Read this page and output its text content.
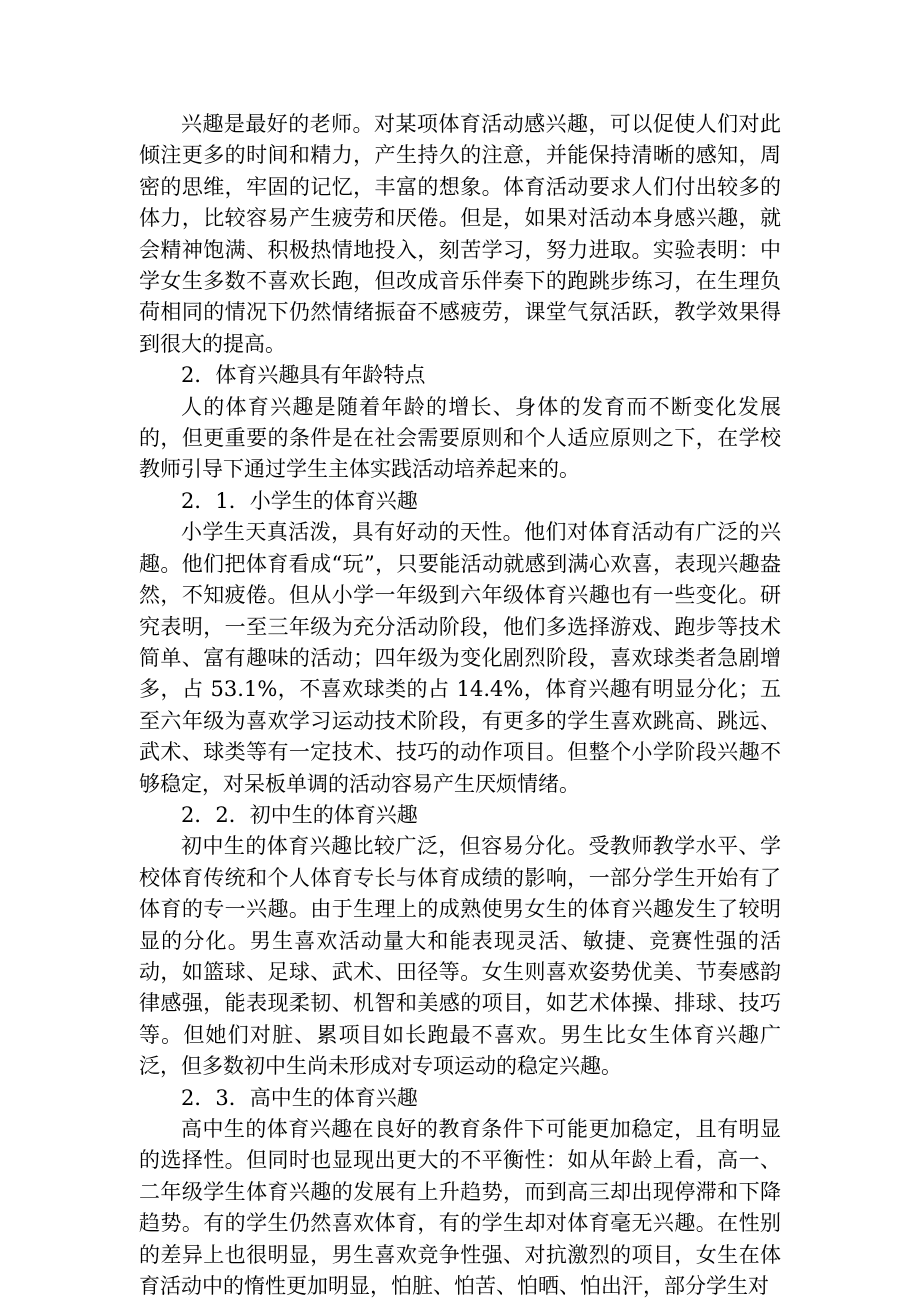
兴趣是最好的老师。对某项体育活动感兴趣，可以促使人们对此倾注更多的时间和精力，产生持久的注意，并能保持清晰的感知，周密的思维，牢固的记忆，丰富的想象。体育活动要求人们付出较多的体力，比较容易产生疲劳和厌倦。但是，如果对活动本身感兴趣，就会精神饱满、积极热情地投入，刻苦学习，努力进取。实验表明：中学女生多数不喜欢长跑，但改成音乐伴奏下的跑跳步练习，在生理负荷相同的情况下仍然情绪振奋不感疲劳，课堂气氛活跃，教学效果得到很大的提高。

2．体育兴趣具有年龄特点

人的体育兴趣是随着年龄的增长、身体的发育而不断变化发展的，但更重要的条件是在社会需要原则和个人适应原则之下，在学校教师引导下通过学生主体实践活动培养起来的。

2．1．小学生的体育兴趣

小学生天真活泼，具有好动的天性。他们对体育活动有广泛的兴趣。他们把体育看成“玩”，只要能活动就感到满心欢喜，表现兴趣盎然，不知疲倦。但从小学一年级到六年级体育兴趣也有一些变化。研究表明，一至三年级为充分活动阶段，他们多选择游戏、跑步等技术简单、富有趣味的活动；四年级为变化剧烈阶段，喜欢球类者急剧增多，占 53.1%，不喜欢球类的占 14.4%，体育兴趣有明显分化；五至六年级为喜欢学习运动技术阶段，有更多的学生喜欢跳高、跳远、武术、球类等有一定技术、技巧的动作项目。但整个小学阶段兴趣不够稳定，对呆板单调的活动容易产生厌烦情绪。

2．2．初中生的体育兴趣

初中生的体育兴趣比较广泛，但容易分化。受教师教学水平、学校体育传统和个人体育专长与体育成绩的影响，一部分学生开始有了体育的专一兴趣。由于生理上的成熟使男女生的体育兴趣发生了较明显的分化。男生喜欢活动量大和能表现灵活、敏捷、竞赛性强的活动，如篮球、足球、武术、田径等。女生则喜欢姿势优美、节奏感韵律感强，能表现柔韧、机智和美感的项目，如艺术体操、排球、技巧等。但她们对脏、累项目如长跑最不喜欢。男生比女生体育兴趣广泛，但多数初中生尚未形成对专项运动的稳定兴趣。

2．3．高中生的体育兴趣

高中生的体育兴趣在良好的教育条件下可能更加稳定，且有明显的选择性。但同时也显现出更大的不平衡性：如从年龄上看，高一、二年级学生体育兴趣的发展有上升趋势，而到高三却出现停滞和下降趋势。有的学生仍然喜欢体育，有的学生却对体育毫无兴趣。在性别的差异上也很明显，男生喜欢竞争性强、对抗激烈的项目，女生在体育活动中的惰性更加明显，怕脏、怕苦、怕晒、怕出汗，部分学生对
